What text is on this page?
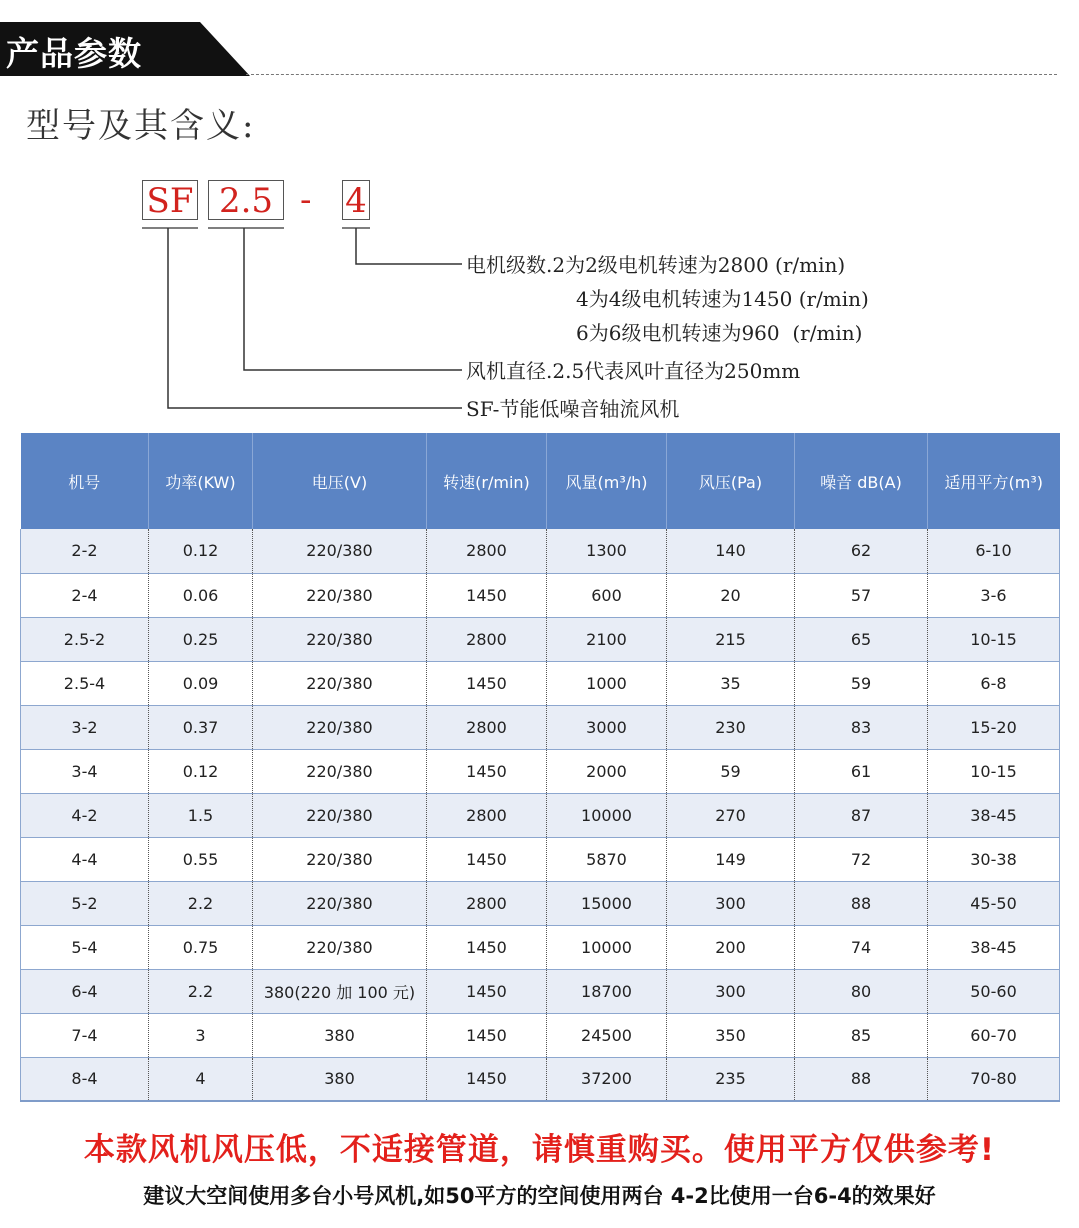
产品参数
型号及其含义:
SF 2.5 - 4
电机级数.2为2级电机转速为2800 (r/min)
4为4级电机转速为1450 (r/min)
6为6级电机转速为960  (r/min)
风机直径.2.5代表风叶直径为250mm
SF-节能低噪音轴流风机
机号	功率(KW)	电压(V)	转速(r/min)	风量(m³/h)	风压(Pa)	噪音 dB(A)	适用平方(m³)
2-2	0.12	220/380	2800	1300	140	62	6-10
2-4	0.06	220/380	1450	600	20	57	3-6
2.5-2	0.25	220/380	2800	2100	215	65	10-15
2.5-4	0.09	220/380	1450	1000	35	59	6-8
3-2	0.37	220/380	2800	3000	230	83	15-20
3-4	0.12	220/380	1450	2000	59	61	10-15
4-2	1.5	220/380	2800	10000	270	87	38-45
4-4	0.55	220/380	1450	5870	149	72	30-38
5-2	2.2	220/380	2800	15000	300	88	45-50
5-4	0.75	220/380	1450	10000	200	74	38-45
6-4	2.2	380(220 加 100 元)	1450	18700	300	80	50-60
7-4	3	380	1450	24500	350	85	60-70
8-4	4	380	1450	37200	235	88	70-80
本款风机风压低，不适接管道，请慎重购买。使用平方仅供参考!
建议大空间使用多台小号风机,如50平方的空间使用两台 4-2比使用一台6-4的效果好
